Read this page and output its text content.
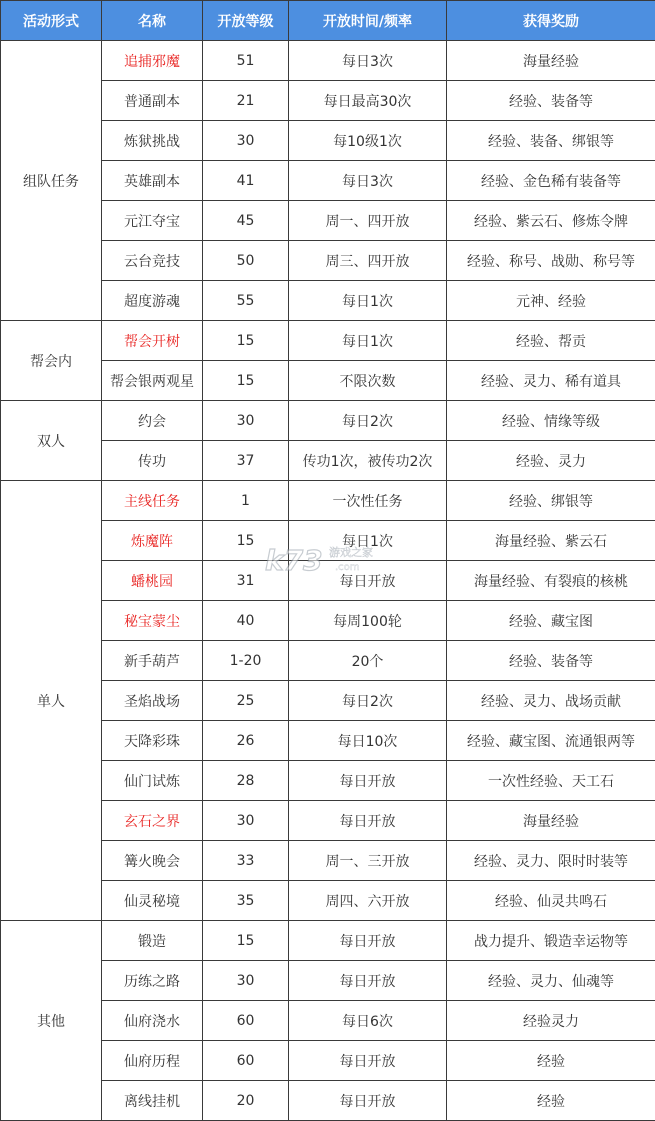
活动形式	名称	开放等级	开放时间/频率	获得奖励
组队任务	追捕邪魔	51	每日3次	海量经验
	普通副本	21	每日最高30次	经验、装备等
	炼狱挑战	30	每10级1次	经验、装备、绑银等
	英雄副本	41	每日3次	经验、金色稀有装备等
	元江夺宝	45	周一、四开放	经验、紫云石、修炼令牌
	云台竞技	50	周三、四开放	经验、称号、战勋、称号等
	超度游魂	55	每日1次	元神、经验
帮会内	帮会开树	15	每日1次	经验、帮贡
	帮会银两观星	15	不限次数	经验、灵力、稀有道具
双人	约会	30	每日2次	经验、情缘等级
	传功	37	传功1次，被传功2次	经验、灵力
单人	主线任务	1	一次性任务	经验、绑银等
	炼魔阵	15	每日1次	海量经验、紫云石
	蟠桃园	31	每日开放	海量经验、有裂痕的核桃
	秘宝蒙尘	40	每周100轮	经验、藏宝图
	新手葫芦	1-20	20个	经验、装备等
	圣焰战场	25	每日2次	经验、灵力、战场贡献
	天降彩珠	26	每日10次	经验、藏宝图、流通银两等
	仙门试炼	28	每日开放	一次性经验、天工石
	玄石之界	30	每日开放	海量经验
	篝火晚会	33	周一、三开放	经验、灵力、限时时装等
	仙灵秘境	35	周四、六开放	经验、仙灵共鸣石
其他	锻造	15	每日开放	战力提升、锻造幸运物等
	历练之路	30	每日开放	经验、灵力、仙魂等
	仙府浇水	60	每日6次	经验灵力
	仙府历程	60	每日开放	经验
	离线挂机	20	每日开放	经验
k73 游戏之家
.com
